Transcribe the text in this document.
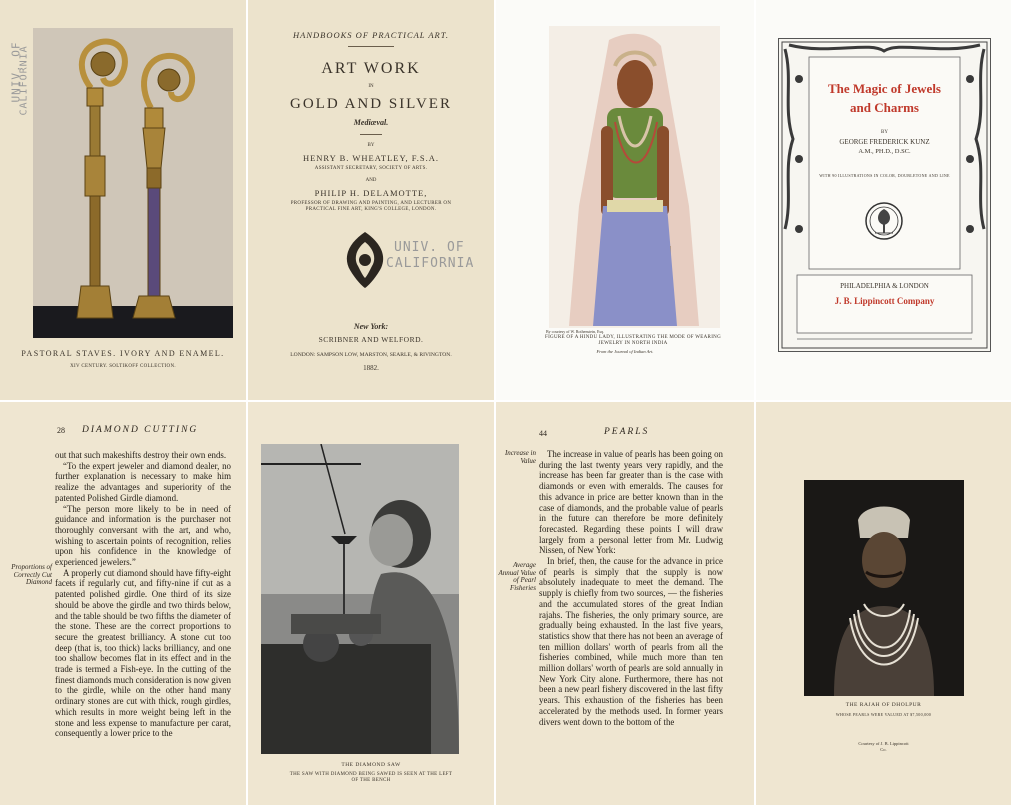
UNIV. OF
CALIFORNIA
PASTORAL STAVES. IVORY AND ENAMEL.
XIV CENTURY. SOLTIKOFF COLLECTION.
HANDBOOKS OF PRACTICAL ART.
ART WORK
IN
GOLD AND SILVER
Mediæval.
BY
HENRY B. WHEATLEY, F.S.A.
ASSISTANT SECRETARY, SOCIETY OF ARTS.
AND
PHILIP H. DELAMOTTE,
PROFESSOR OF DRAWING AND PAINTING, AND LECTURER ON PRACTICAL FINE ART, KING'S COLLEGE, LONDON.
UNIV. OF
CALIFORNIA
New York:
SCRIBNER AND WELFORD.
LONDON: SAMPSON LOW, MARSTON, SEARLE, & RIVINGTON.
1882.
By courtesy of W. Rothenstein, Esq.
FIGURE OF A HINDU LADY, ILLUSTRATING THE MODE OF WEARING JEWELRY IN NORTH INDIA
From the Journal of Indian Art.
The Magic of Jewels
and Charms
BY
GEORGE FREDERICK KUNZ
A.M., PH.D., D.SC.
WITH 90 ILLUSTRATIONS IN COLOR, DOUBLETONE AND LINE
PHILADELPHIA & LONDON
J. B. Lippincott Company
28 DIAMOND CUTTING
Proportions of Correctly Cut Diamond

out that such makeshifts destroy their own ends.

“To the expert jeweler and diamond dealer, no further explanation is necessary to make him realize the advantages and superiority of the patented Polished Girdle diamond.

“The person more likely to be in need of guidance and information is the purchaser not thoroughly conversant with the art, and who, wishing to ascertain points of recognition, relies upon his confidence in the knowledge of experienced jewelers.”

A properly cut diamond should have fifty-eight facets if regularly cut, and fifty-nine if cut as a patented polished girdle. One third of its size should be above the girdle and two thirds below, and the table should be two fifths the diameter of the stone. These are the correct proportions to secure the greatest brilliancy. A stone cut too deep (that is, too thick) lacks brilliancy, and one too shallow becomes flat in its effect and in the trade is termed a Fish-eye. In the cutting of the finest diamonds much consideration is now given to the girdle, while on the other hand many ordinary stones are cut with thick, rough girdles, which results in more weight being left in the stone and less expense to manufacture per carat, consequently a lower price to the

THE DIAMOND SAW
THE SAW WITH DIAMOND BEING SAWED IS SEEN AT THE LEFT OF THE BENCH
44	PEARLS
Increase in Value
Average Annual Value of Pearl Fisheries

The increase in value of pearls has been going on during the last twenty years very rapidly, and the increase has been far greater than is the case with diamonds or even with emeralds. The causes for this advance in price are better known than in the case of diamonds, and the probable value of pearls in the future can therefore be more definitely forecasted. Regarding these points I will draw largely from a personal letter from Mr. Ludwig Nissen, of New York:

In brief, then, the cause for the advance in price of pearls is simply that the supply is now absolutely inadequate to meet the demand. The supply is chiefly from two sources, — the fisheries and the accumulated stores of the great Indian rajahs. The fisheries, the only primary source, are gradually being exhausted. In the last five years, statistics show that there has not been an average of ten million dollars' worth of pearls from all the fisheries combined, while much more than ten million dollars' worth of pearls are sold annually in New York City alone. Furthermore, there has not been a new pearl fishery discovered in the last fifty years. This exhaustion of the fisheries has been accelerated by the methods used. In former years divers went down to the bottom of the

THE RAJAH OF DHOLPUR
WHOSE PEARLS WERE VALUED AT $7,500,000
Courtesy of J. B. Lippincott Co.
